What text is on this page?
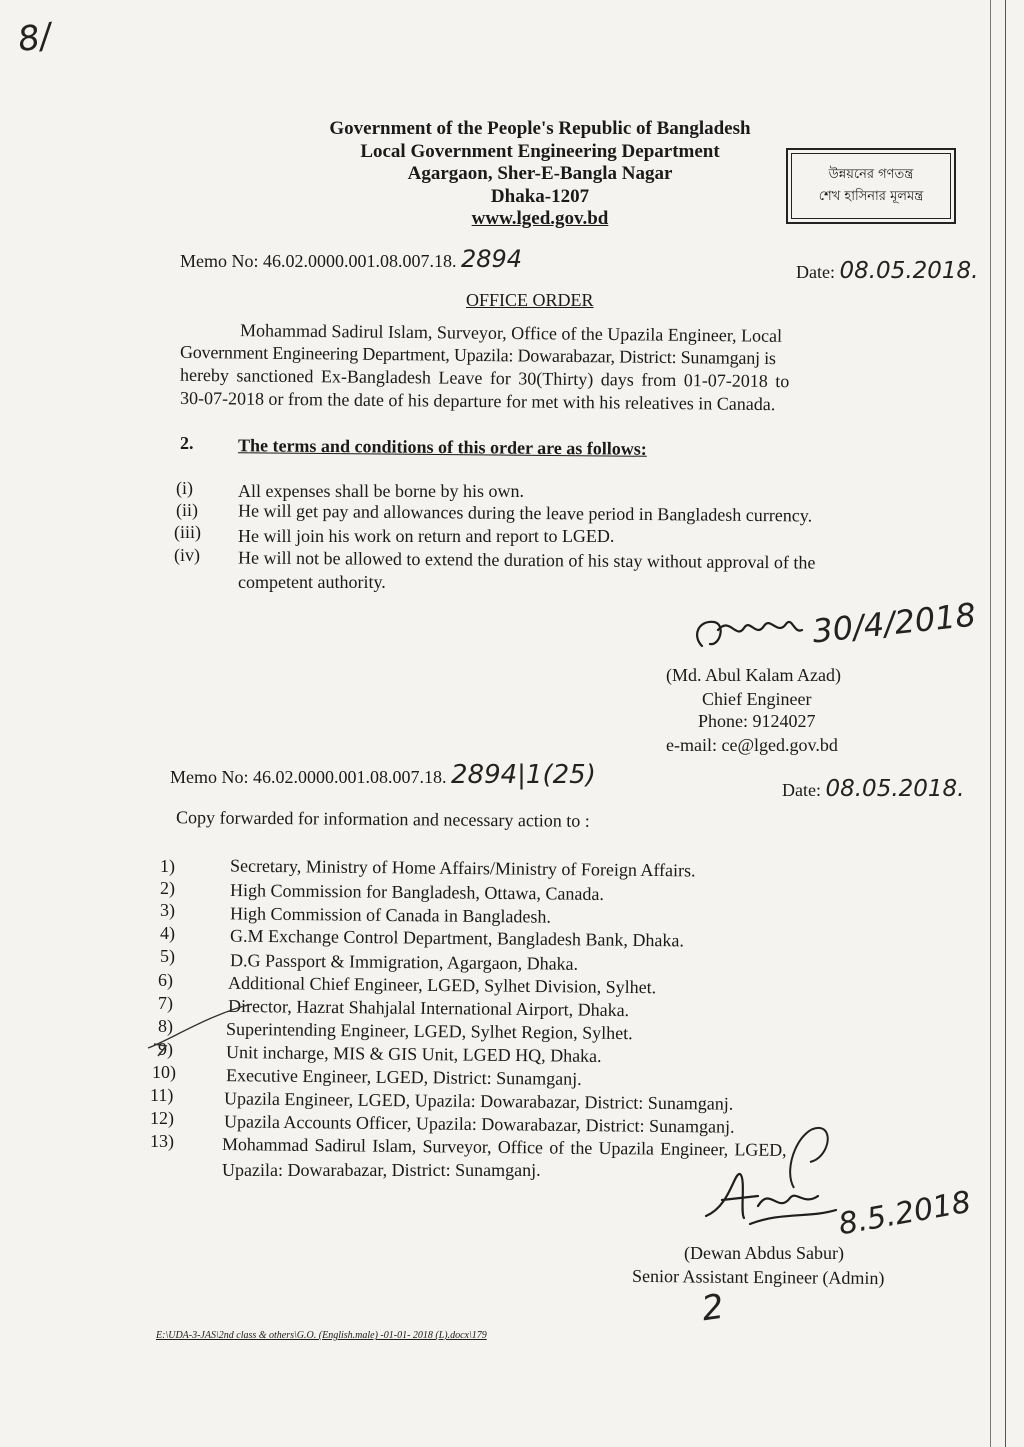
8/
Government of the People's Republic of Bangladesh
Local Government Engineering Department
Agargaon, Sher-E-Bangla Nagar
Dhaka-1207
www.lged.gov.bd
উন্নয়নের গণতন্ত্র
শেখ হাসিনার মূলমন্ত্র
Memo No: 46.02.0000.001.08.007.18. 2894	Date: 08.05.2018.
OFFICE ORDER
Mohammad Sadirul Islam, Surveyor, Office of the Upazila Engineer, Local
Government Engineering Department, Upazila: Dowarabazar, District: Sunamganj is
hereby sanctioned Ex-Bangladesh Leave for 30(Thirty) days from 01-07-2018 to
30-07-2018 or from the date of his departure for met with his releatives in Canada.
2. The terms and conditions of this order are as follows:
(i)	All expenses shall be borne by his own.
(ii) He will get pay and allowances during the leave period in Bangladesh currency.
(iii) He will join his work on return and report to LGED.
(iv) He will not be allowed to extend the duration of his stay without approval of the
competent authority.
30/4/2018
(Md. Abul Kalam Azad)
Chief Engineer
Phone: 9124027
e-mail: ce@lged.gov.bd
Memo No: 46.02.0000.001.08.007.18. 2894|1(25)	Date: 08.05.2018.
Copy forwarded for information and necessary action to :
1)	Secretary, Ministry of Home Affairs/Ministry of Foreign Affairs.
2)	High Commission for Bangladesh, Ottawa, Canada.
3)	High Commission of Canada in Bangladesh.
4)	G.M Exchange Control Department, Bangladesh Bank, Dhaka.
5)	D.G Passport & Immigration, Agargaon, Dhaka.
6)	Additional Chief Engineer, LGED, Sylhet Division, Sylhet.
7)	Director, Hazrat Shahjalal International Airport, Dhaka.
8)	Superintending Engineer, LGED, Sylhet Region, Sylhet.
9)	Unit incharge, MIS & GIS Unit, LGED HQ, Dhaka.
10)	Executive Engineer, LGED, District: Sunamganj.
11)	Upazila Engineer, LGED, Upazila: Dowarabazar, District: Sunamganj.
12)	Upazila Accounts Officer, Upazila: Dowarabazar, District: Sunamganj.
13)	Mohammad Sadirul Islam, Surveyor, Office of the Upazila Engineer, LGED,
Upazila: Dowarabazar, District: Sunamganj.
8.5.2018
(Dewan Abdus Sabur)
Senior Assistant Engineer (Admin)
2
E:\UDA-3-JAS\2nd class & others\G.O. (English.male) -01-01- 2018 (L).docx\179
